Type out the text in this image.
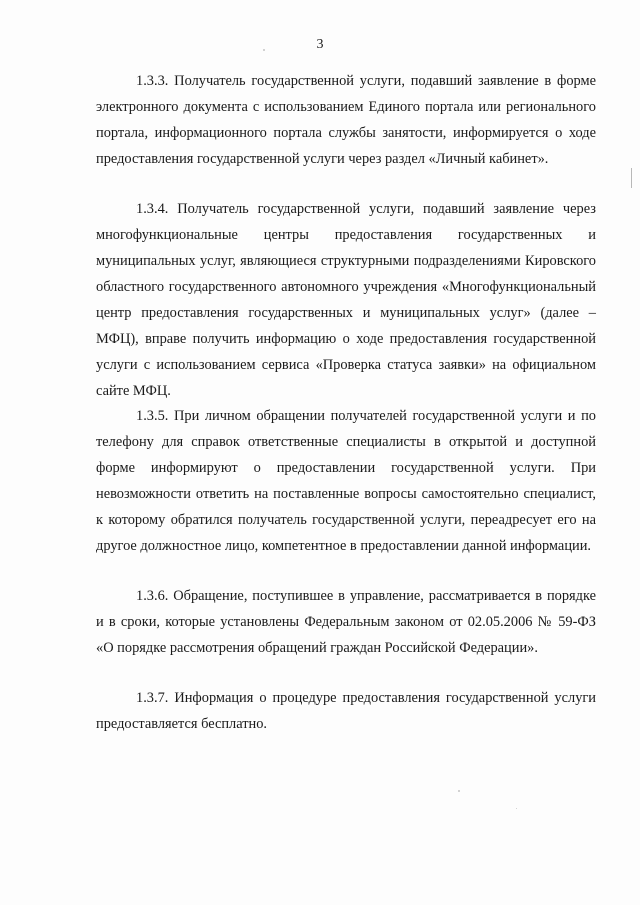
3

1.3.3. Получатель государственной услуги, подавший заявление в форме электронного документа с использованием Единого портала или регионального портала, информационного портала службы занятости, информируется о ходе предоставления государственной услуги через раздел «Личный кабинет».

1.3.4. Получатель государственной услуги, подавший заявление через многофункциональные центры предоставления государственных и муниципальных услуг, являющиеся структурными подразделениями Кировского областного государственного автономного учреждения «Многофункциональный центр предоставления государственных и муниципальных услуг» (далее – МФЦ), вправе получить информацию о ходе предоставления государственной услуги с использованием сервиса «Проверка статуса заявки» на официальном сайте МФЦ.

1.3.5. При личном обращении получателей государственной услуги и по телефону для справок ответственные специалисты в открытой и доступной форме информируют о предоставлении государственной услуги. При невозможности ответить на поставленные вопросы самостоятельно специалист, к которому обратился получатель государственной услуги, переадресует его на другое должностное лицо, компетентное в предоставлении данной информации.

1.3.6. Обращение, поступившее в управление, рассматривается в порядке и в сроки, которые установлены Федеральным законом от 02.05.2006 № 59-ФЗ «О порядке рассмотрения обращений граждан Российской Федерации».

1.3.7. Информация о процедуре предоставления государственной услуги предоставляется бесплатно.
